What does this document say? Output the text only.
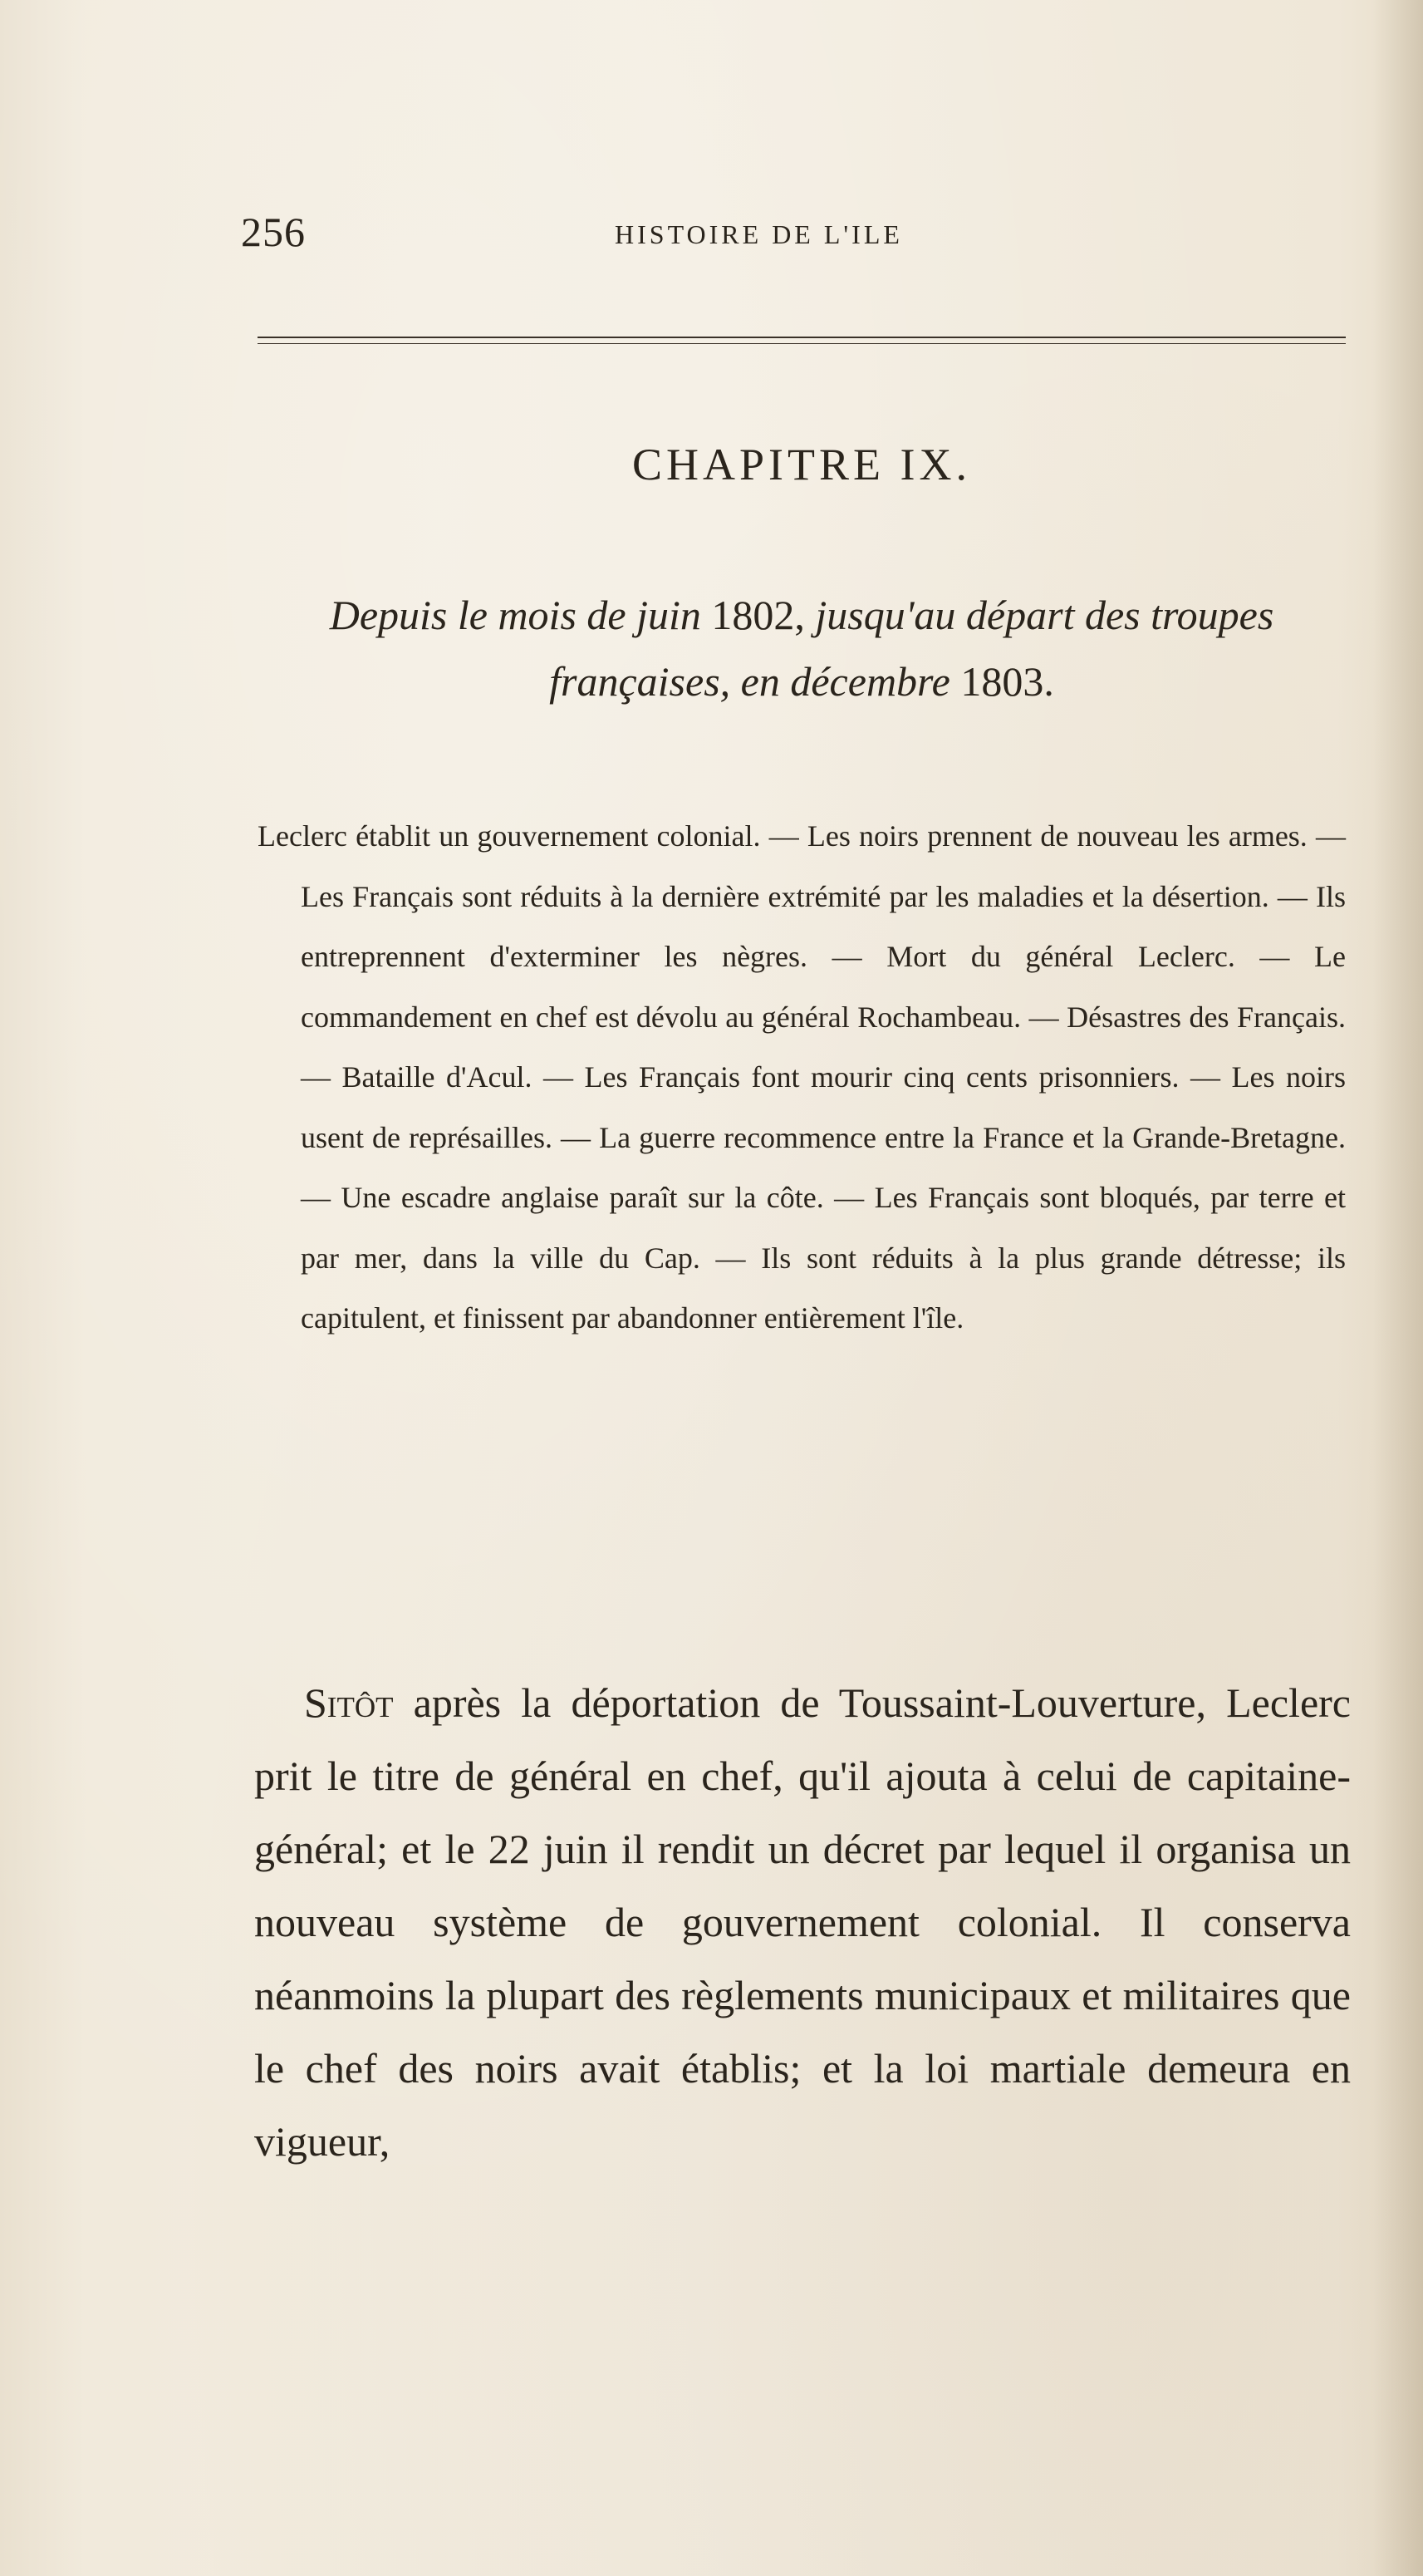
256	HISTOIRE DE L'ILE
CHAPITRE IX.
Depuis le mois de juin 1802, jusqu'au départ des troupes françaises, en décembre 1803.
Leclerc établit un gouvernement colonial. — Les noirs prennent de nouveau les armes. — Les Français sont réduits à la dernière extrémité par les maladies et la désertion. — Ils entreprennent d'exterminer les nègres. — Mort du général Leclerc. — Le commandement en chef est dévolu au général Rochambeau. — Désastres des Français. — Bataille d'Acul. — Les Français font mourir cinq cents prisonniers. — Les noirs usent de représailles. — La guerre recommence entre la France et la Grande-Bretagne. — Une escadre anglaise paraît sur la côte. — Les Français sont bloqués, par terre et par mer, dans la ville du Cap. — Ils sont réduits à la plus grande détresse; ils capitulent, et finissent par abandonner entièrement l'île.
Sitôt après la déportation de Toussaint-Louverture, Leclerc prit le titre de général en chef, qu'il ajouta à celui de capitaine-général; et le 22 juin il rendit un décret par lequel il organisa un nouveau système de gouvernement colonial. Il conserva néanmoins la plupart des règlements municipaux et militaires que le chef des noirs avait établis; et la loi martiale demeura en vigueur,
